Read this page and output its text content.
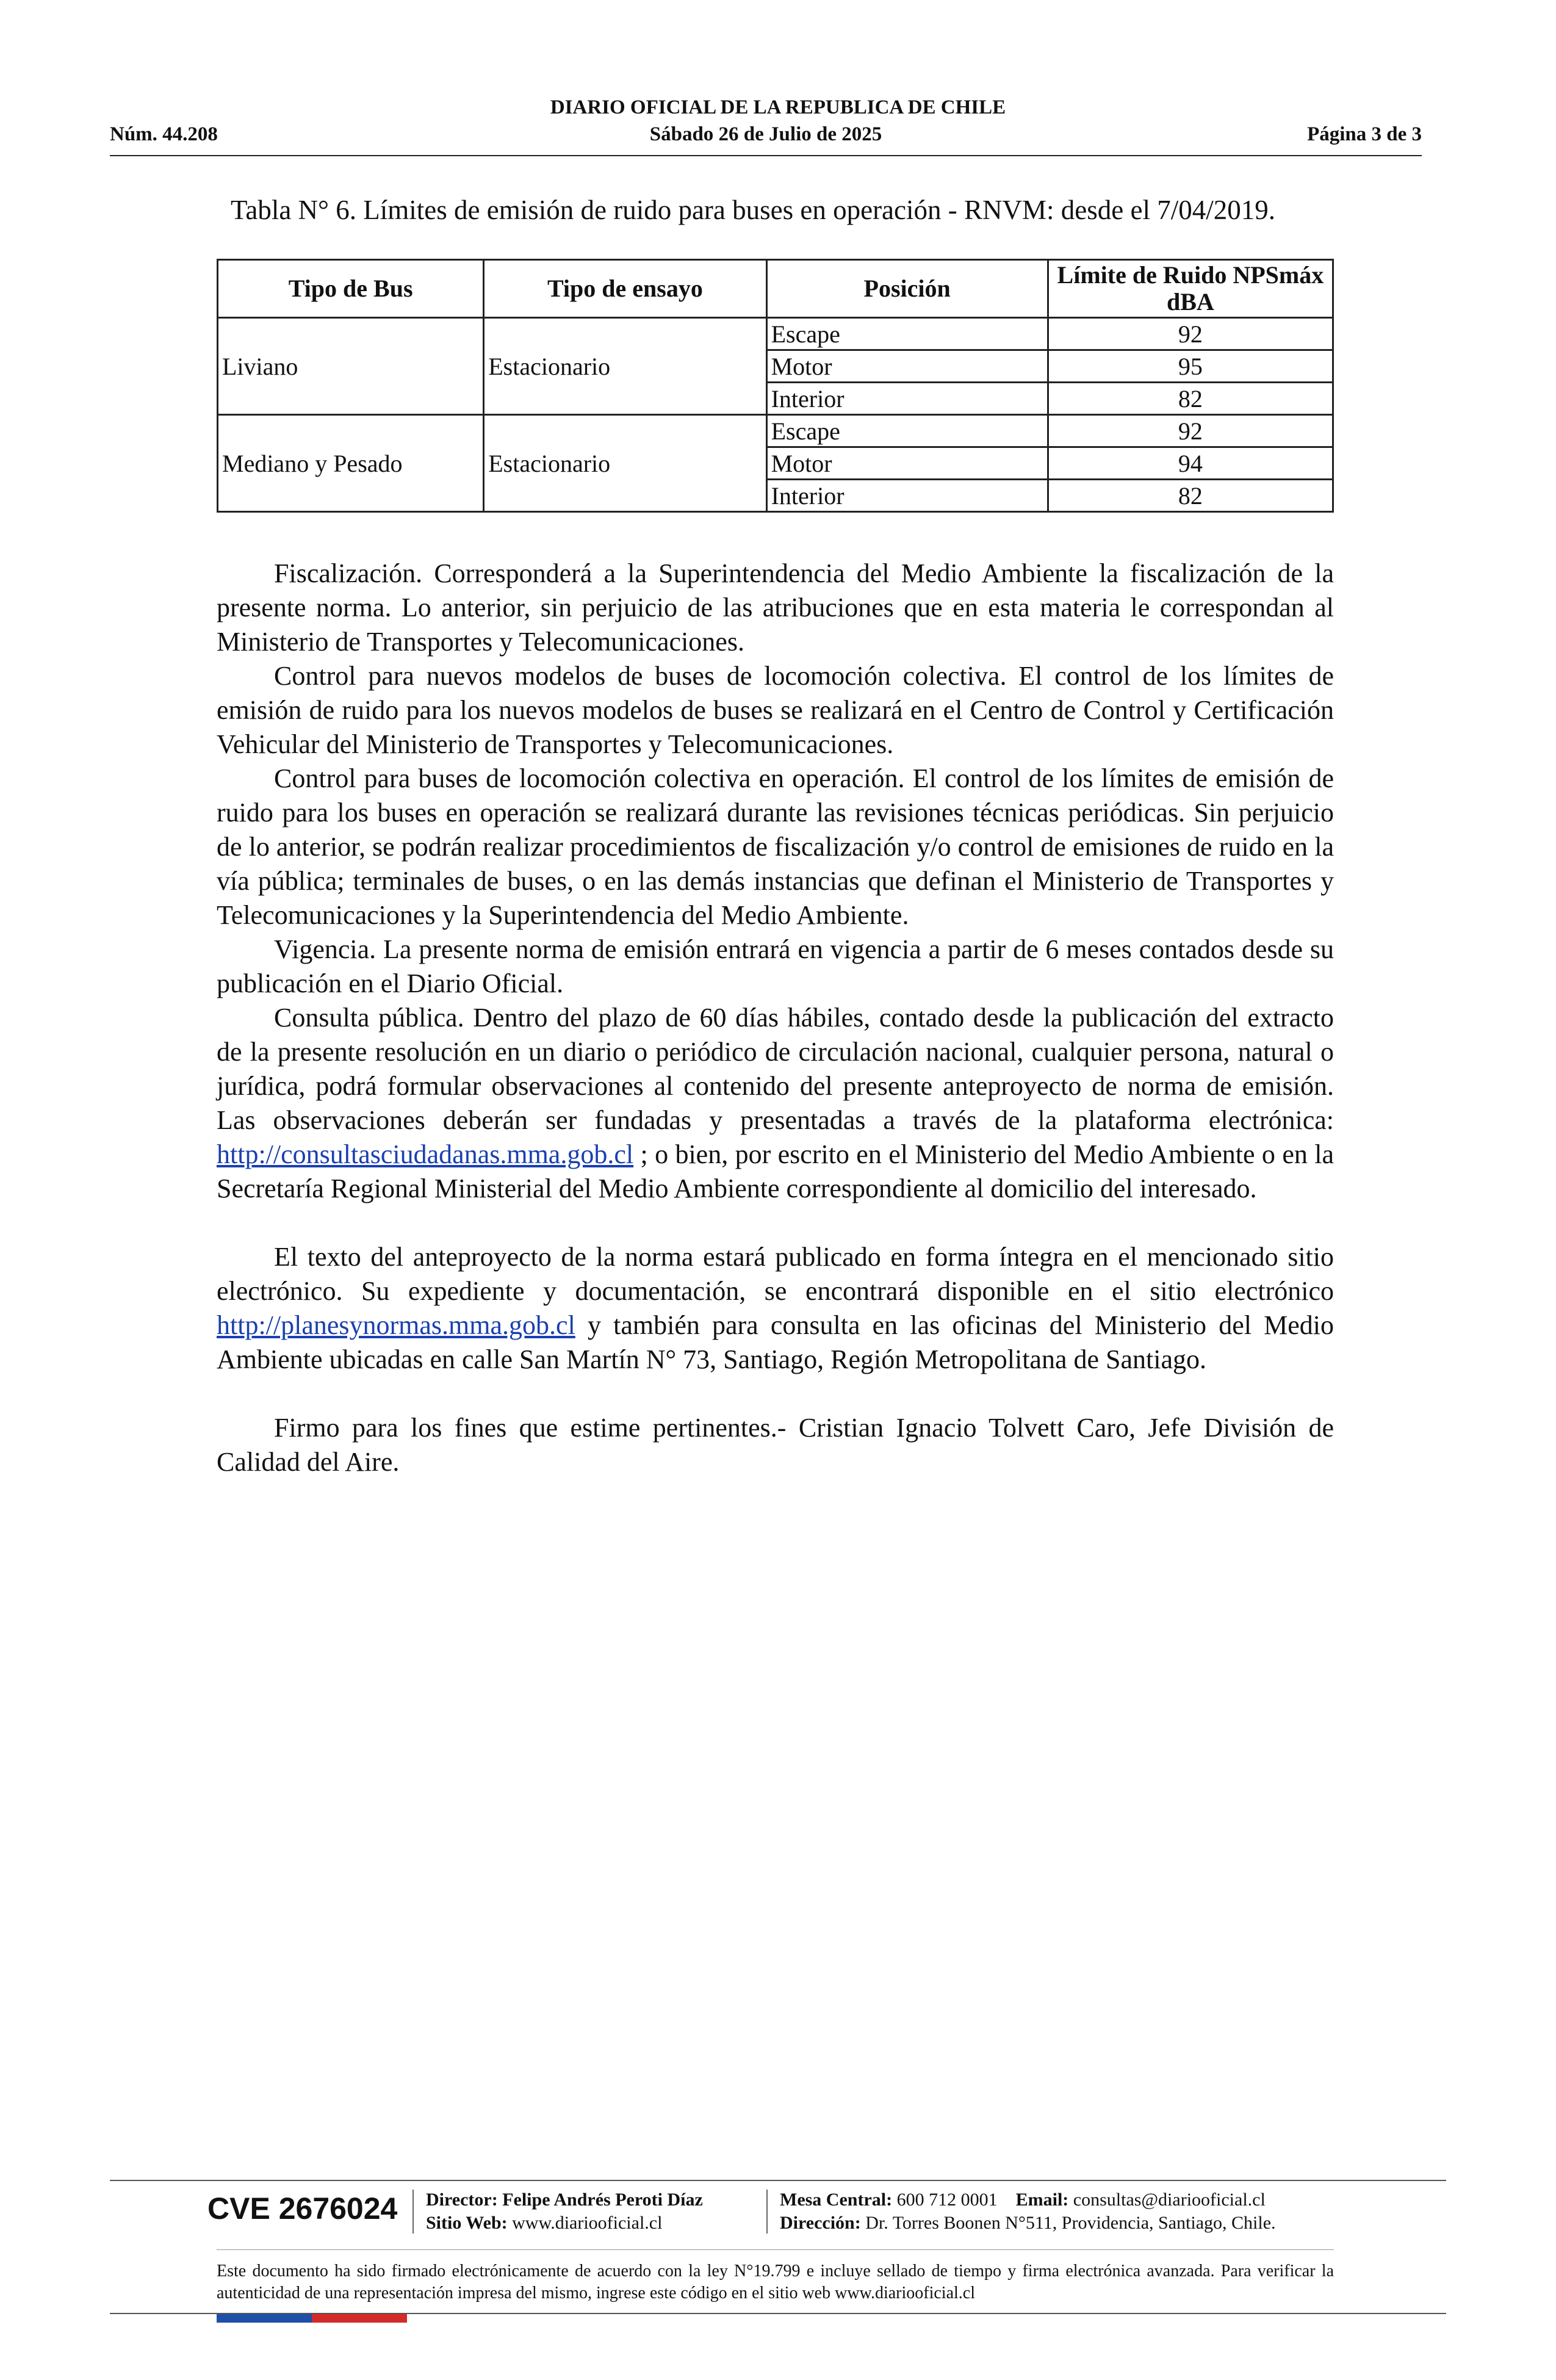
DIARIO OFICIAL DE LA REPUBLICA DE CHILE
Núm. 44.208	Sábado 26 de Julio de 2025	Página 3 de 3
Tabla N° 6. Límites de emisión de ruido para buses en operación - RNVM: desde el 7/04/2019.
Tipo de Bus	Tipo de ensayo	Posición	Límite de Ruido NPSmáx dBA
Liviano	Estacionario	Escape	92
		Motor	95
		Interior	82
Mediano y Pesado	Estacionario	Escape	92
		Motor	94
		Interior	82

Fiscalización. Corresponderá a la Superintendencia del Medio Ambiente la fiscalización de la presente norma. Lo anterior, sin perjuicio de las atribuciones que en esta materia le correspondan al Ministerio de Transportes y Telecomunicaciones.

Control para nuevos modelos de buses de locomoción colectiva. El control de los límites de emisión de ruido para los nuevos modelos de buses se realizará en el Centro de Control y Certificación Vehicular del Ministerio de Transportes y Telecomunicaciones.

Control para buses de locomoción colectiva en operación. El control de los límites de emisión de ruido para los buses en operación se realizará durante las revisiones técnicas periódicas. Sin perjuicio de lo anterior, se podrán realizar procedimientos de fiscalización y/o control de emisiones de ruido en la vía pública; terminales de buses, o en las demás instancias que definan el Ministerio de Transportes y Telecomunicaciones y la Superintendencia del Medio Ambiente.

Vigencia. La presente norma de emisión entrará en vigencia a partir de 6 meses contados desde su publicación en el Diario Oficial.

Consulta pública. Dentro del plazo de 60 días hábiles, contado desde la publicación del extracto de la presente resolución en un diario o periódico de circulación nacional, cualquier persona, natural o jurídica, podrá formular observaciones al contenido del presente anteproyecto de norma de emisión. Las observaciones deberán ser fundadas y presentadas a través de la plataforma electrónica: http://consultasciudadanas.mma.gob.cl ; o bien, por escrito en el Ministerio del Medio Ambiente o en la Secretaría Regional Ministerial del Medio Ambiente correspondiente al domicilio del interesado.

El texto del anteproyecto de la norma estará publicado en forma íntegra en el mencionado sitio electrónico. Su expediente y documentación, se encontrará disponible en el sitio electrónico http://planesynormas.mma.gob.cl y también para consulta en las oficinas del Ministerio del Medio Ambiente ubicadas en calle San Martín N° 73, Santiago, Región Metropolitana de Santiago.

Firmo para los fines que estime pertinentes.- Cristian Ignacio Tolvett Caro, Jefe División de Calidad del Aire.

CVE 2676024 Director: Felipe Andrés Peroti Díaz
Sitio Web: www.diariooficial.cl
Mesa Central: 600 712 0001 Email: consultas@diariooficial.cl
Dirección: Dr. Torres Boonen N°511, Providencia, Santiago, Chile.
Este documento ha sido firmado electrónicamente de acuerdo con la ley N°19.799 e incluye sellado de tiempo y firma electrónica avanzada. Para verificar la autenticidad de una representación impresa del mismo, ingrese este código en el sitio web www.diariooficial.cl
